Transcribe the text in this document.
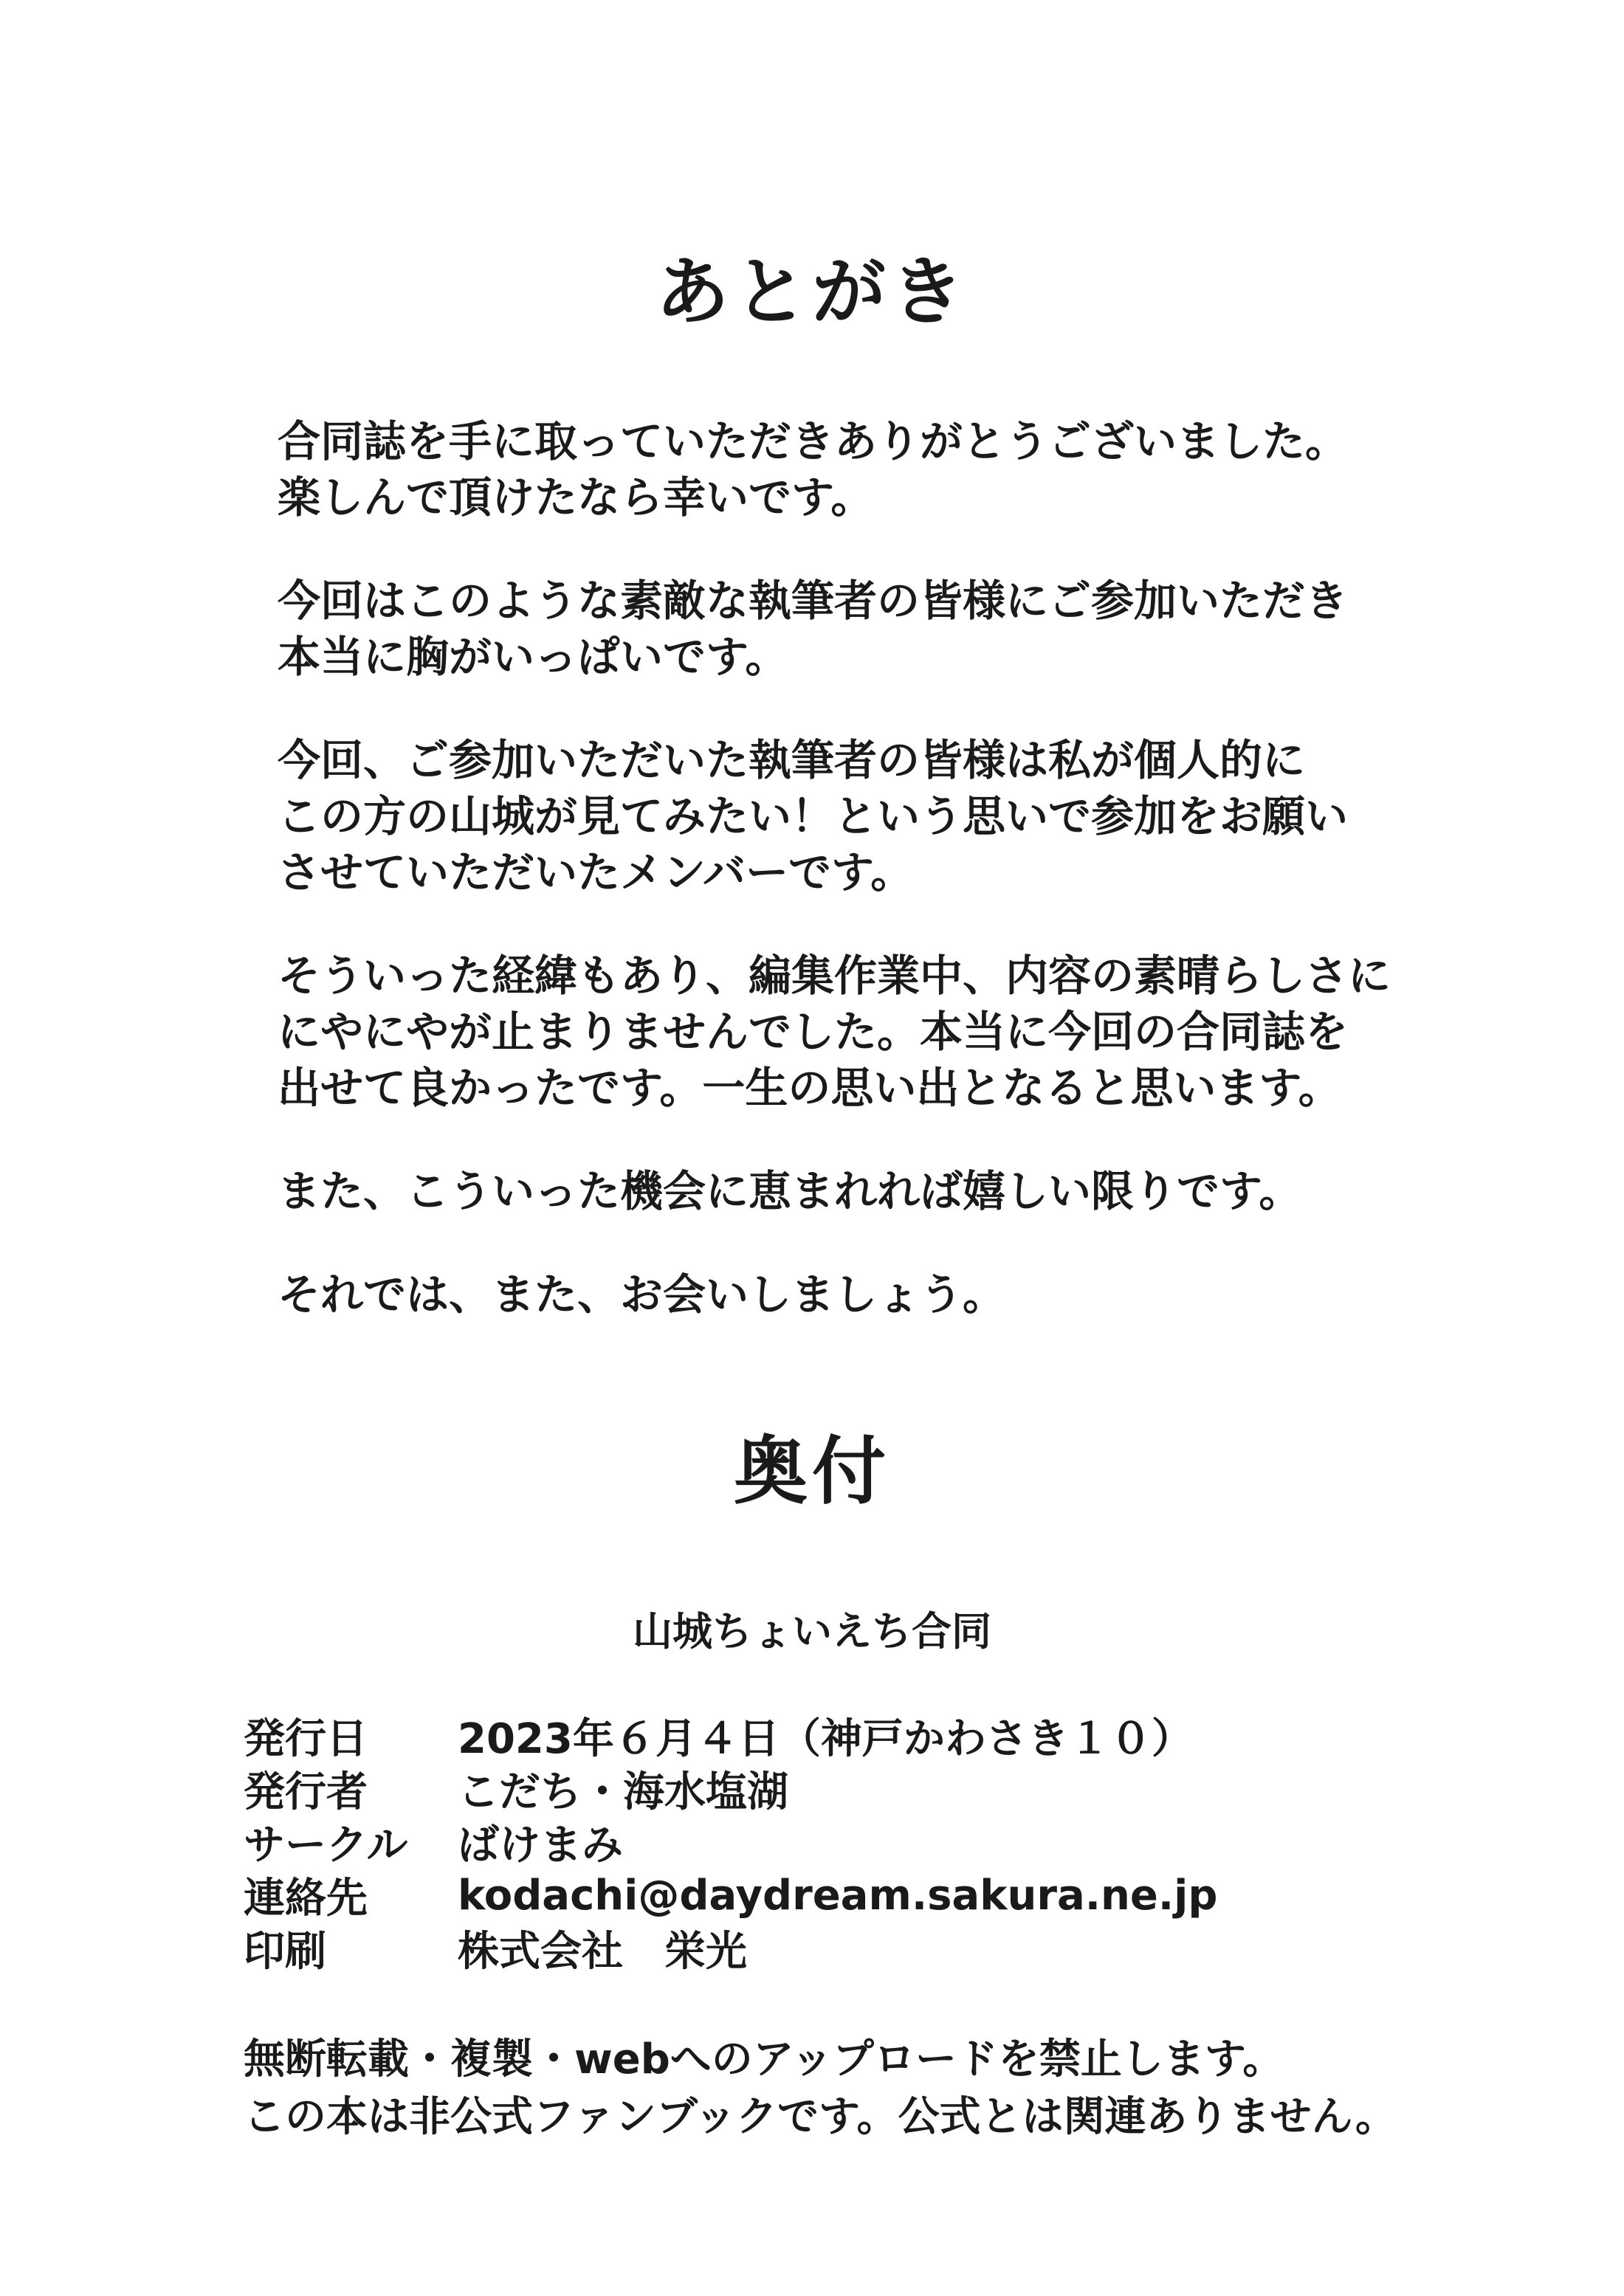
あとがき
合同誌を手に取っていただきありがとうございました。
楽しんで頂けたなら幸いです。
今回はこのような素敵な執筆者の皆様にご参加いただき
本当に胸がいっぱいです。
今回、ご参加いただいた執筆者の皆様は私が個人的に
この方の山城が見てみたい！という思いで参加をお願い
させていただいたメンバーです。
そういった経緯もあり、編集作業中、内容の素晴らしさに
にやにやが止まりませんでした。本当に今回の合同誌を
出せて良かったです。一生の思い出となると思います。
また、こういった機会に恵まれれば嬉しい限りです。
それでは、また、お会いしましょう。
奥付
山城ちょいえち合同
発行日	2023年６月４日（神戸かわさき１０）
発行者	こだち・海水塩湖
サークル	ばけまみ
連絡先	kodachi@daydream.sakura.ne.jp
印刷	株式会社　栄光
無断転載・複製・webへのアップロードを禁止します。
この本は非公式ファンブックです。公式とは関連ありません。
